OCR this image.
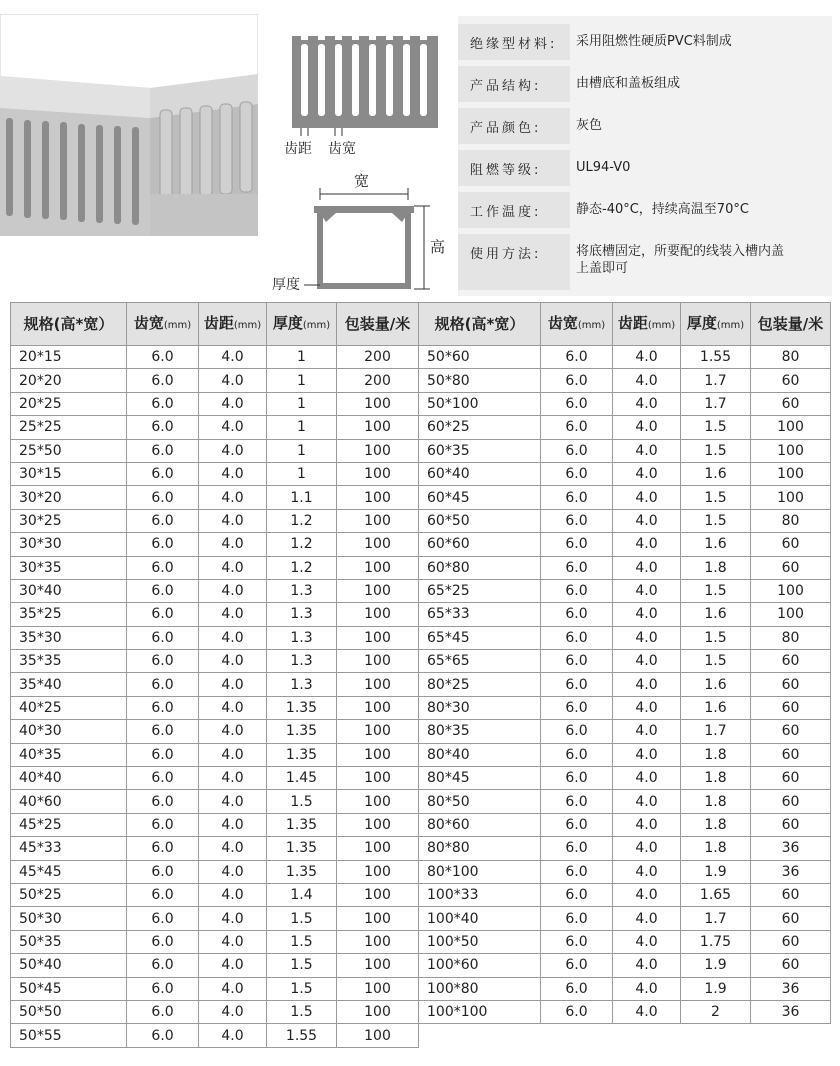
齿距 齿宽
宽
高
厚度
绝缘型材料:	采用阻燃性硬质PVC料制成
产品结构:	由槽底和盖板组成
产品颜色:	灰色
阻燃等级:	UL94-V0
工作温度:	静态-40°C，持续高温至70°C
使用方法:	将底槽固定，所要配的线装入槽内盖上盖即可
规格(高*宽）	齿宽(mm)	齿距(mm)	厚度(mm)	包装量/米	规格(高*宽）	齿宽(mm)	齿距(mm)	厚度(mm)	包装量/米
20*15	6.0	4.0	1	200	50*60	6.0	4.0	1.55	80
20*20	6.0	4.0	1	200	50*80	6.0	4.0	1.7	60
20*25	6.0	4.0	1	100	50*100	6.0	4.0	1.7	60
25*25	6.0	4.0	1	100	60*25	6.0	4.0	1.5	100
25*50	6.0	4.0	1	100	60*35	6.0	4.0	1.5	100
30*15	6.0	4.0	1	100	60*40	6.0	4.0	1.6	100
30*20	6.0	4.0	1.1	100	60*45	6.0	4.0	1.5	100
30*25	6.0	4.0	1.2	100	60*50	6.0	4.0	1.5	80
30*30	6.0	4.0	1.2	100	60*60	6.0	4.0	1.6	60
30*35	6.0	4.0	1.2	100	60*80	6.0	4.0	1.8	60
30*40	6.0	4.0	1.3	100	65*25	6.0	4.0	1.5	100
35*25	6.0	4.0	1.3	100	65*33	6.0	4.0	1.6	100
35*30	6.0	4.0	1.3	100	65*45	6.0	4.0	1.5	80
35*35	6.0	4.0	1.3	100	65*65	6.0	4.0	1.5	60
35*40	6.0	4.0	1.3	100	80*25	6.0	4.0	1.6	60
40*25	6.0	4.0	1.35	100	80*30	6.0	4.0	1.6	60
40*30	6.0	4.0	1.35	100	80*35	6.0	4.0	1.7	60
40*35	6.0	4.0	1.35	100	80*40	6.0	4.0	1.8	60
40*40	6.0	4.0	1.45	100	80*45	6.0	4.0	1.8	60
40*60	6.0	4.0	1.5	100	80*50	6.0	4.0	1.8	60
45*25	6.0	4.0	1.35	100	80*60	6.0	4.0	1.8	60
45*33	6.0	4.0	1.35	100	80*80	6.0	4.0	1.8	36
45*45	6.0	4.0	1.35	100	80*100	6.0	4.0	1.9	36
50*25	6.0	4.0	1.4	100	100*33	6.0	4.0	1.65	60
50*30	6.0	4.0	1.5	100	100*40	6.0	4.0	1.7	60
50*35	6.0	4.0	1.5	100	100*50	6.0	4.0	1.75	60
50*40	6.0	4.0	1.5	100	100*60	6.0	4.0	1.9	60
50*45	6.0	4.0	1.5	100	100*80	6.0	4.0	1.9	36
50*50	6.0	4.0	1.5	100	100*100	6.0	4.0	2	36
50*55	6.0	4.0	1.55	100					
